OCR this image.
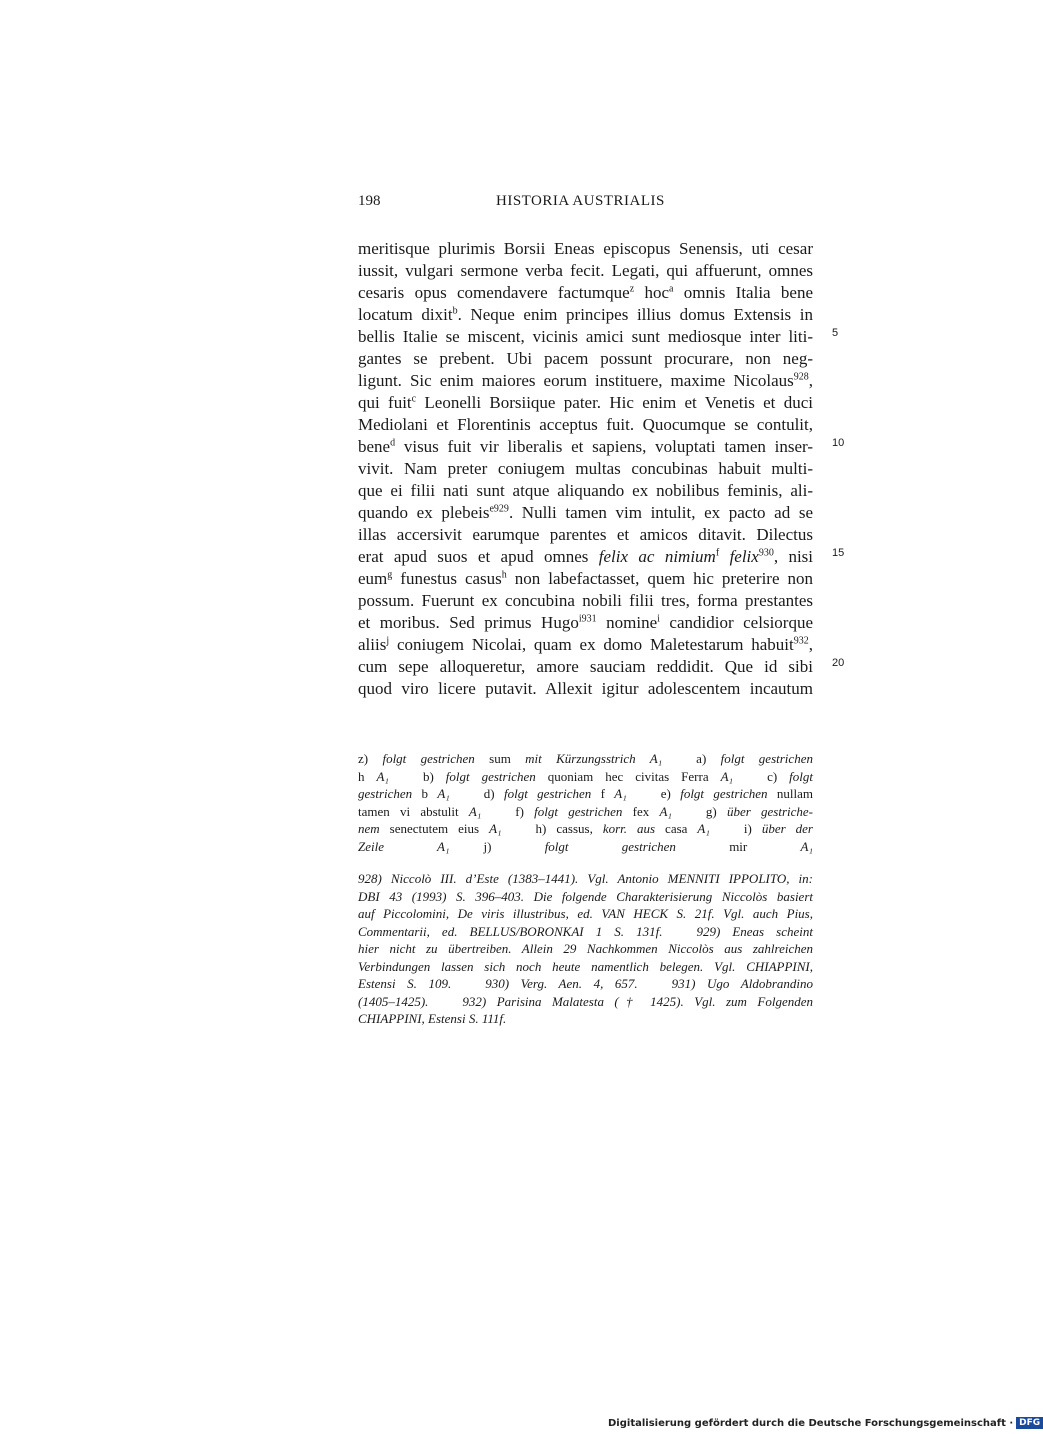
198	HISTORIA AUSTRIALIS
meritisque plurimis Borsii Eneas episcopus Senensis, uti cesar
iussit, vulgari sermone verba fecit. Legati, qui affuerunt, omnes
cesaris opus comendavere factumque$^z$ hoc$^a$ omnis Italia bene
locatum dixit$^b$. Neque enim principes illius domus Extensis in
bellis Italie se miscent, vicinis amici sunt mediosque inter liti-
gantes se prebent. Ubi pacem possunt procurare, non neg-
ligunt. Sic enim maiores eorum instituere, maxime Nicolaus$^{928}$,
qui fuit$^c$ Leonelli Borsiique pater. Hic enim et Venetis et duci
Mediolani et Florentinis acceptus fuit. Quocumque se contulit,
bene$^d$ visus fuit vir liberalis et sapiens, voluptati tamen inser-
vivit. Nam preter coniugem multas concubinas habuit multi-
que ei filii nati sunt atque aliquando ex nobilibus feminis, ali-
quando ex plebeis$^{e929}$. Nulli tamen vim intulit, ex pacto ad se
illas accersivit earumque parentes et amicos ditavit. Dilectus
erat apud suos et apud omnes felix ac nimium$^f$ felix$^{930}$, nisi
eum$^g$ funestus casus$^h$ non labefactasset, quem hic preterire non
possum. Fuerunt ex concubina nobili filii tres, forma prestantes
et moribus. Sed primus Hugo$^{i931}$ nomine$^i$ candidior celsiorque
aliis$^j$ coniugem Nicolai, quam ex domo Maletestarum habuit$^{932}$,
cum sepe alloqueretur, amore sauciam reddidit. Que id sibi
quod viro licere putavit. Allexit igitur adolescentem incautum
5
10
15
20
z) folgt gestrichen sum mit Kürzungsstrich A₁	a) folgt gestrichen
h A₁	b) folgt gestrichen quoniam hec civitas Ferra A₁	c) folgt
gestrichen b A₁	d) folgt gestrichen f A₁	e) folgt gestrichen nullam
tamen vi abstulit A₁	f) folgt gestrichen fex A₁	g) über gestriche-
nem senectutem eius A₁	h) cassus, korr. aus casa A₁	i) über der
Zeile A₁	j) folgt gestrichen mir A₁
928) Niccolò III. d’Este (1383–1441). Vgl. Antonio MENNITI IPPOLITO, in:
DBI 43 (1993) S. 396–403. Die folgende Charakterisierung Niccolòs basiert
auf Piccolomini, De viris illustribus, ed. VAN HECK S. 21f. Vgl. auch Pius,
Commentarii, ed. BELLUS/BORONKAI 1 S. 131f.	929) Eneas scheint
hier nicht zu übertreiben. Allein 29 Nachkommen Niccolòs aus zahlreichen
Verbindungen lassen sich noch heute namentlich belegen. Vgl. CHIAPPINI,
Estensi S. 109.	930) Verg. Aen. 4, 657.	931) Ugo Aldobrandino
(1405–1425).	932) Parisina Malatesta († 1425). Vgl. zum Folgenden
CHIAPPINI, Estensi S. 111f.
Digitalisierung gefördert durch die Deutsche Forschungsgemeinschaft · DFG
